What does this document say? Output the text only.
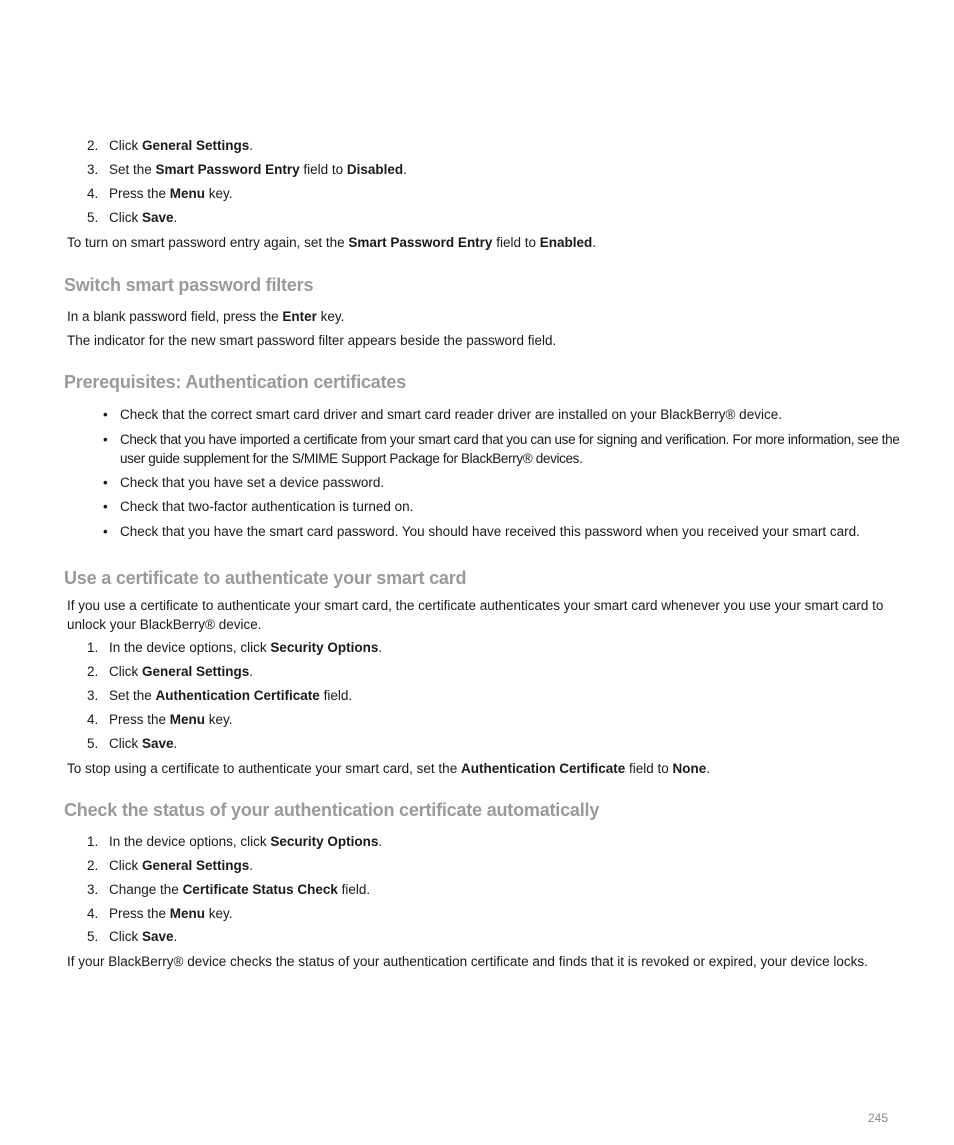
2. Click General Settings.
3. Set the Smart Password Entry field to Disabled.
4. Press the Menu key.
5. Click Save.
To turn on smart password entry again, set the Smart Password Entry field to Enabled.
Switch smart password filters
In a blank password field, press the Enter key.
The indicator for the new smart password filter appears beside the password field.
Prerequisites: Authentication certificates
• Check that the correct smart card driver and smart card reader driver are installed on your BlackBerry® device.
• Check that you have imported a certificate from your smart card that you can use for signing and verification. For more information, see the user guide supplement for the S/MIME Support Package for BlackBerry® devices.
• Check that you have set a device password.
• Check that two-factor authentication is turned on.
• Check that you have the smart card password. You should have received this password when you received your smart card.
Use a certificate to authenticate your smart card
If you use a certificate to authenticate your smart card, the certificate authenticates your smart card whenever you use your smart card to unlock your BlackBerry® device.
1. In the device options, click Security Options.
2. Click General Settings.
3. Set the Authentication Certificate field.
4. Press the Menu key.
5. Click Save.
To stop using a certificate to authenticate your smart card, set the Authentication Certificate field to None.
Check the status of your authentication certificate automatically
1. In the device options, click Security Options.
2. Click General Settings.
3. Change the Certificate Status Check field.
4. Press the Menu key.
5. Click Save.
If your BlackBerry® device checks the status of your authentication certificate and finds that it is revoked or expired, your device locks.
245
